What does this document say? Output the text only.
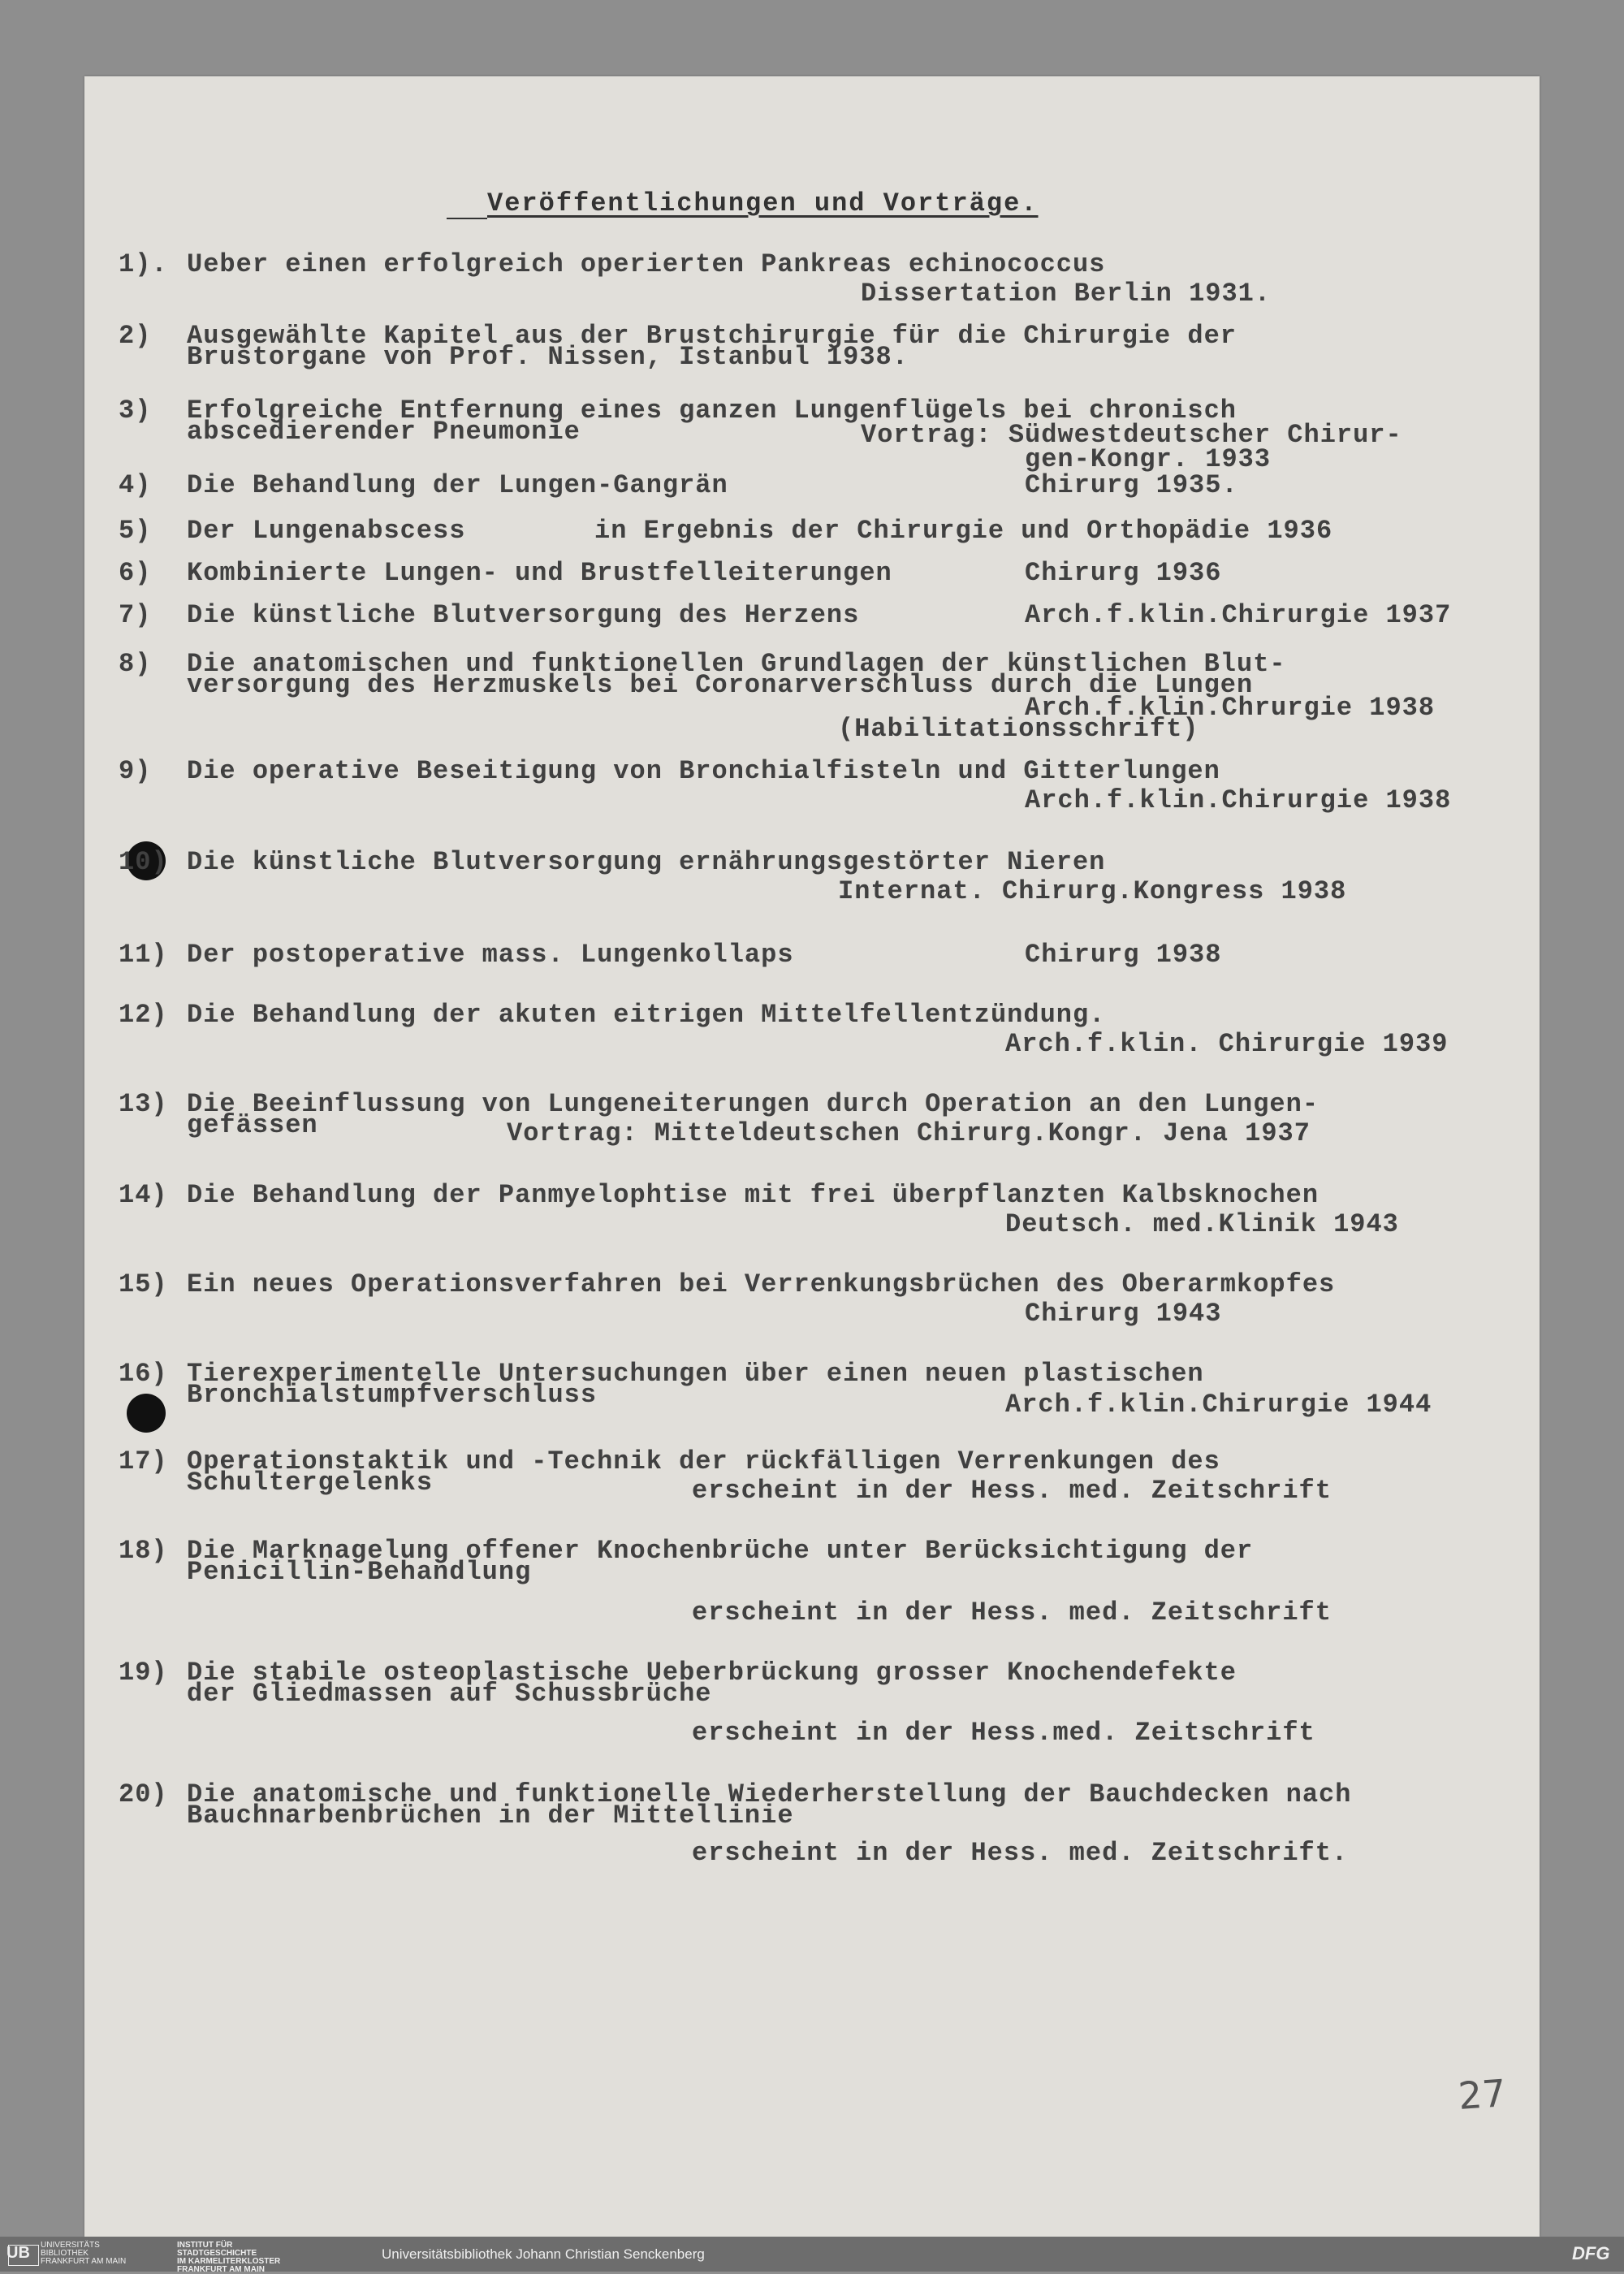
Veröffentlichungen und Vorträge.
1). Ueber einen erfolgreich operierten Pankreas echinococcus
Dissertation Berlin 1931.
2)	Ausgewählte Kapitel aus der Brustchirurgie für die Chirurgie der
Brustorgane von Prof. Nissen, Istanbul 1938.
3)	Erfolgreiche Entfernung eines ganzen Lungenflügels bei chronisch
abscedierender Pneumonie	Vortrag: Südwestdeutscher Chirur-
gen-Kongr. 1933
4)	Die Behandlung der Lungen-Gangrän	Chirurg 1935.
5)	Der Lungenabscess	in Ergebnis der Chirurgie und Orthopädie 1936
6)	Kombinierte Lungen- und Brustfelleiterungen	Chirurg 1936
7)	Die künstliche Blutversorgung des Herzens	Arch.f.klin.Chirurgie 1937
8)	Die anatomischen und funktionellen Grundlagen der künstlichen Blut-
versorgung des Herzmuskels bei Coronarverschluss durch die Lungen
Arch.f.klin.Chrurgie 1938
(Habilitationsschrift)
9)	Die operative Beseitigung von Bronchialfisteln und Gitterlungen
Arch.f.klin.Chirurgie 1938
10) Die künstliche Blutversorgung ernährungsgestörter Nieren
Internat. Chirurg.Kongress 1938
11) Der postoperative mass. Lungenkollaps	Chirurg 1938
12) Die Behandlung der akuten eitrigen Mittelfellentzündung.
Arch.f.klin. Chirurgie 1939
13) Die Beeinflussung von Lungeneiterungen durch Operation an den Lungen-
gefässen	Vortrag: Mitteldeutschen Chirurg.Kongr. Jena 1937
14) Die Behandlung der Panmyelophtise mit frei überpflanzten Kalbsknochen
Deutsch. med.Klinik 1943
15) Ein neues Operationsverfahren bei Verrenkungsbrüchen des Oberarmkopfes
Chirurg 1943
16) Tierexperimentelle Untersuchungen über einen neuen plastischen
Bronchialstumpfverschluss	Arch.f.klin.Chirurgie 1944
17) Operationstaktik und -Technik der rückfälligen Verrenkungen des
Schultergelenks	erscheint in der Hess. med. Zeitschrift
18) Die Marknagelung offener Knochenbrüche unter Berücksichtigung der
Penicillin-Behandlung
erscheint in der Hess. med. Zeitschrift
19) Die stabile osteoplastische Ueberbrückung grosser Knochendefekte
der Gliedmassen auf Schussbrüche
erscheint in der Hess.med. Zeitschrift
20) Die anatomische und funktionelle Wiederherstellung der Bauchdecken nach
Bauchnarbenbrüchen in der Mittellinie
erscheint in der Hess. med. Zeitschrift.
27
UB UNIVERSITÄTS
BIBLIOTHEK
FRANKFURT AM MAIN
INSTITUT FÜR
STADTGESCHICHTE
IM KARMELITERKLOSTER
FRANKFURT AM MAIN
Universitätsbibliothek Johann Christian Senckenberg	DFG
